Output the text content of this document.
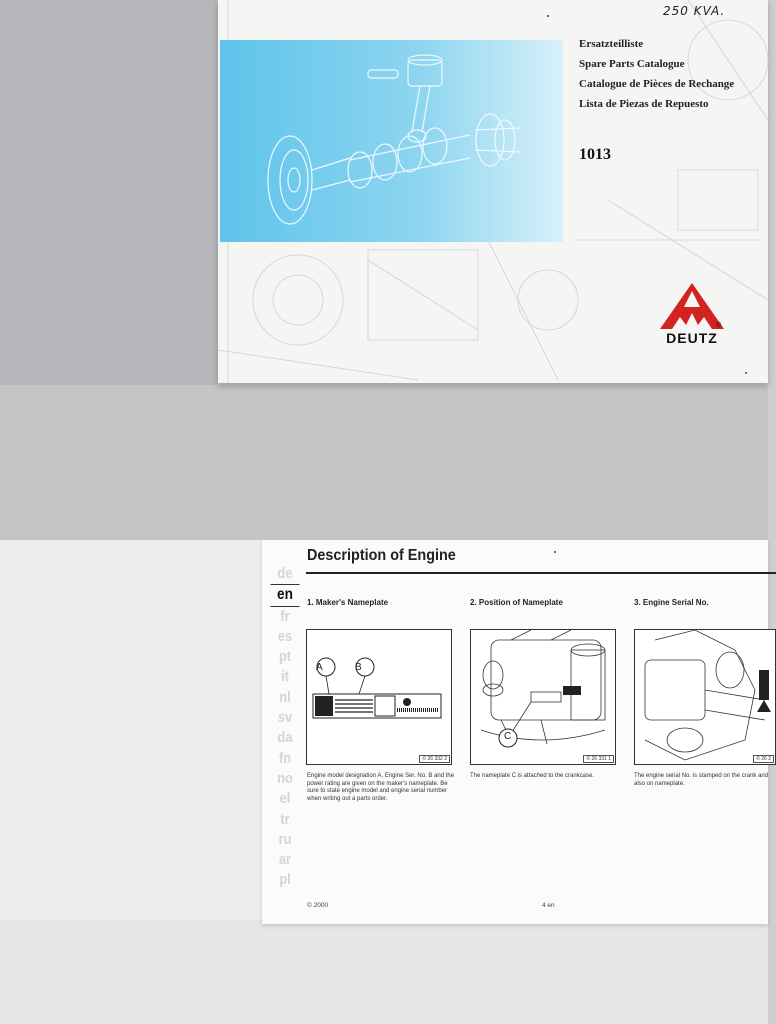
250 KVA.
Ersatzteilliste
Spare Parts Catalogue
Catalogue de Pièces de Rechange
Lista de Piezas de Repuesto
1013
DEUTZ
®
Description of Engine
de
en
fr
es
pt
it
nl
sv
da
fn
no
el
tr
ru
ar
pl
1. Maker's Nameplate
© 26 332 2
A	B
Engine model designation A, Engine Ser. No. B and the power rating are given on the maker's nameplate. Be sure to state engine model and engine serial number when writing out a parts order.
2. Position of Nameplate
© 26 331 1
C
The nameplate C is attached to the crankcase.
3. Engine Serial No.
© 26 2
The engine serial No. is stamped on the crank and also on nameplate.
© 2000	4 en
